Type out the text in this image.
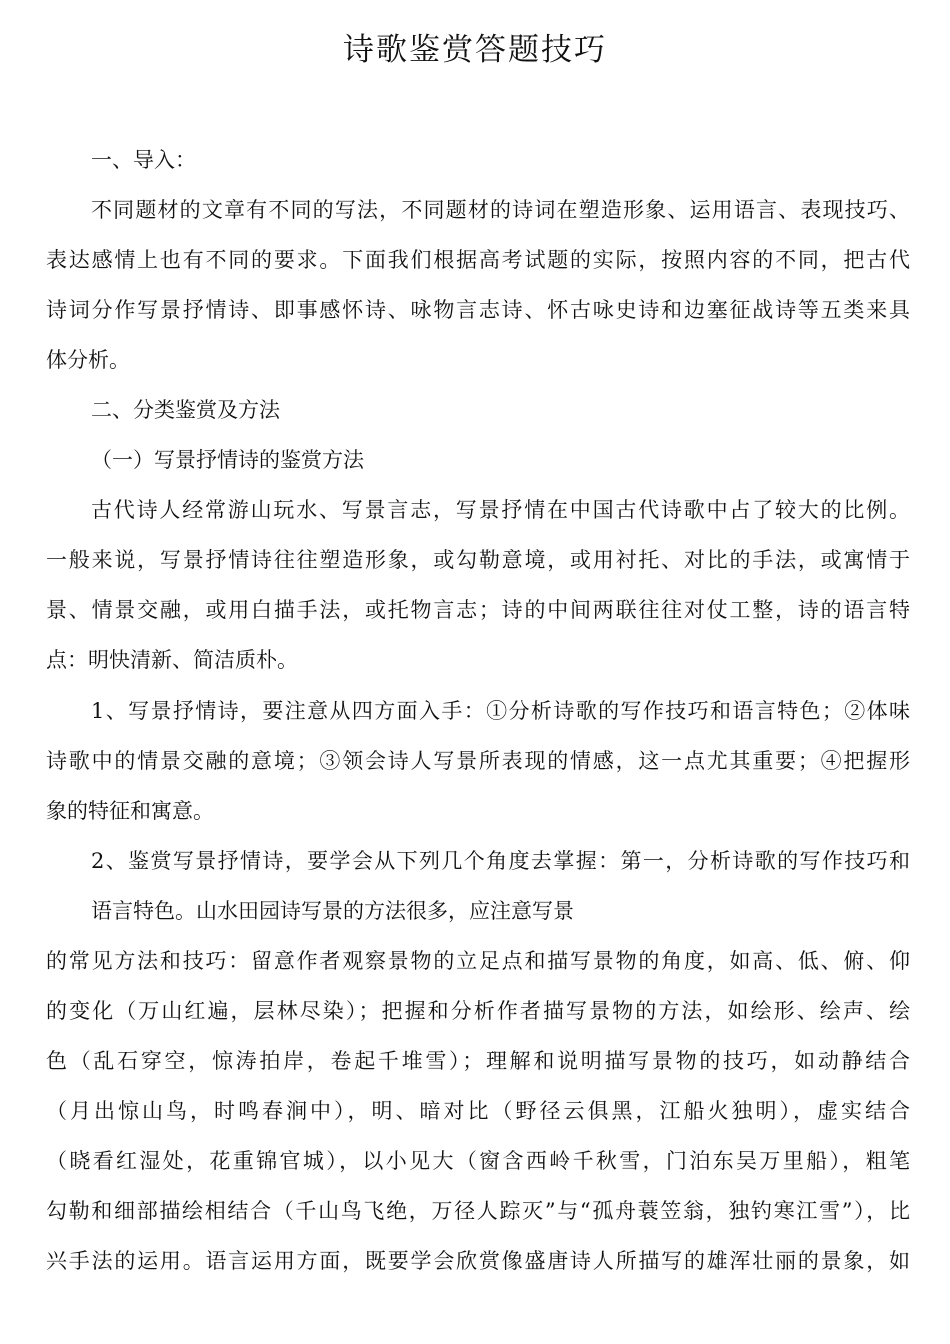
诗歌鉴赏答题技巧
一、导入：
不同题材的文章有不同的写法，不同题材的诗词在塑造形象、运用语言、表现技巧、
表达感情上也有不同的要求。下面我们根据高考试题的实际，按照内容的不同，把古代
诗词分作写景抒情诗、即事感怀诗、咏物言志诗、怀古咏史诗和边塞征战诗等五类来具
体分析。
二、分类鉴赏及方法
（一）写景抒情诗的鉴赏方法
古代诗人经常游山玩水、写景言志，写景抒情在中国古代诗歌中占了较大的比例。
一般来说，写景抒情诗往往塑造形象，或勾勒意境，或用衬托、对比的手法，或寓情于
景、情景交融，或用白描手法，或托物言志；诗的中间两联往往对仗工整，诗的语言特
点：明快清新、简洁质朴。
1、写景抒情诗，要注意从四方面入手：①分析诗歌的写作技巧和语言特色；②体味
诗歌中的情景交融的意境；③领会诗人写景所表现的情感，这一点尤其重要；④把握形
象的特征和寓意。
2、鉴赏写景抒情诗，要学会从下列几个角度去掌握：第一，分析诗歌的写作技巧和
语言特色。山水田园诗写景的方法很多，应注意写景
的常见方法和技巧：留意作者观察景物的立足点和描写景物的角度，如高、低、俯、仰
的变化（万山红遍，层林尽染）；把握和分析作者描写景物的方法，如绘形、绘声、绘
色（乱石穿空，惊涛拍岸，卷起千堆雪）；理解和说明描写景物的技巧，如动静结合
（月出惊山鸟，时鸣春涧中），明、暗对比（野径云俱黑，江船火独明），虚实结合
（晓看红湿处，花重锦官城），以小见大（窗含西岭千秋雪，门泊东吴万里船），粗笔
勾勒和细部描绘相结合（千山鸟飞绝，万径人踪灭”与“孤舟蓑笠翁，独钓寒江雪”），比
兴手法的运用。语言运用方面，既要学会欣赏像盛唐诗人所描写的雄浑壮丽的景象，如
